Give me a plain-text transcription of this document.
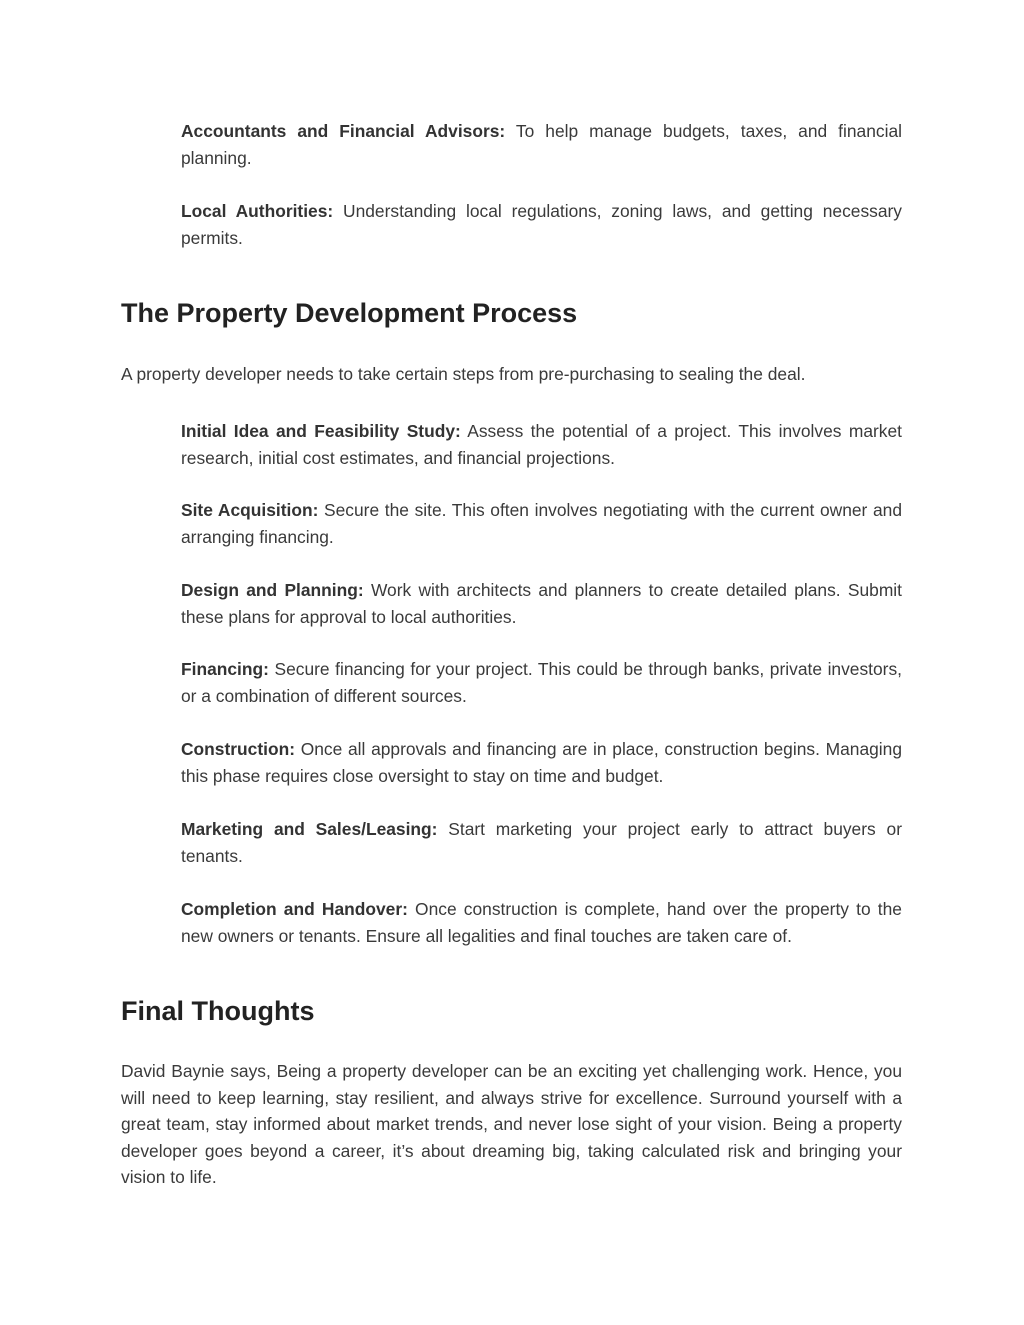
Accountants and Financial Advisors: To help manage budgets, taxes, and financial planning.

Local Authorities: Understanding local regulations, zoning laws, and getting necessary permits.

The Property Development Process

A property developer needs to take certain steps from pre-purchasing to sealing the deal.

Initial Idea and Feasibility Study: Assess the potential of a project. This involves market research, initial cost estimates, and financial projections.

Site Acquisition: Secure the site. This often involves negotiating with the current owner and arranging financing.

Design and Planning: Work with architects and planners to create detailed plans. Submit these plans for approval to local authorities.

Financing: Secure financing for your project. This could be through banks, private investors, or a combination of different sources.

Construction: Once all approvals and financing are in place, construction begins. Managing this phase requires close oversight to stay on time and budget.

Marketing and Sales/Leasing: Start marketing your project early to attract buyers or tenants.

Completion and Handover: Once construction is complete, hand over the property to the new owners or tenants. Ensure all legalities and final touches are taken care of.

Final Thoughts

David Baynie says, Being a property developer can be an exciting yet challenging work. Hence, you will need to keep learning, stay resilient, and always strive for excellence. Surround yourself with a great team, stay informed about market trends, and never lose sight of your vision. Being a property developer goes beyond a career, it’s about dreaming big, taking calculated risk and bringing your vision to life.
